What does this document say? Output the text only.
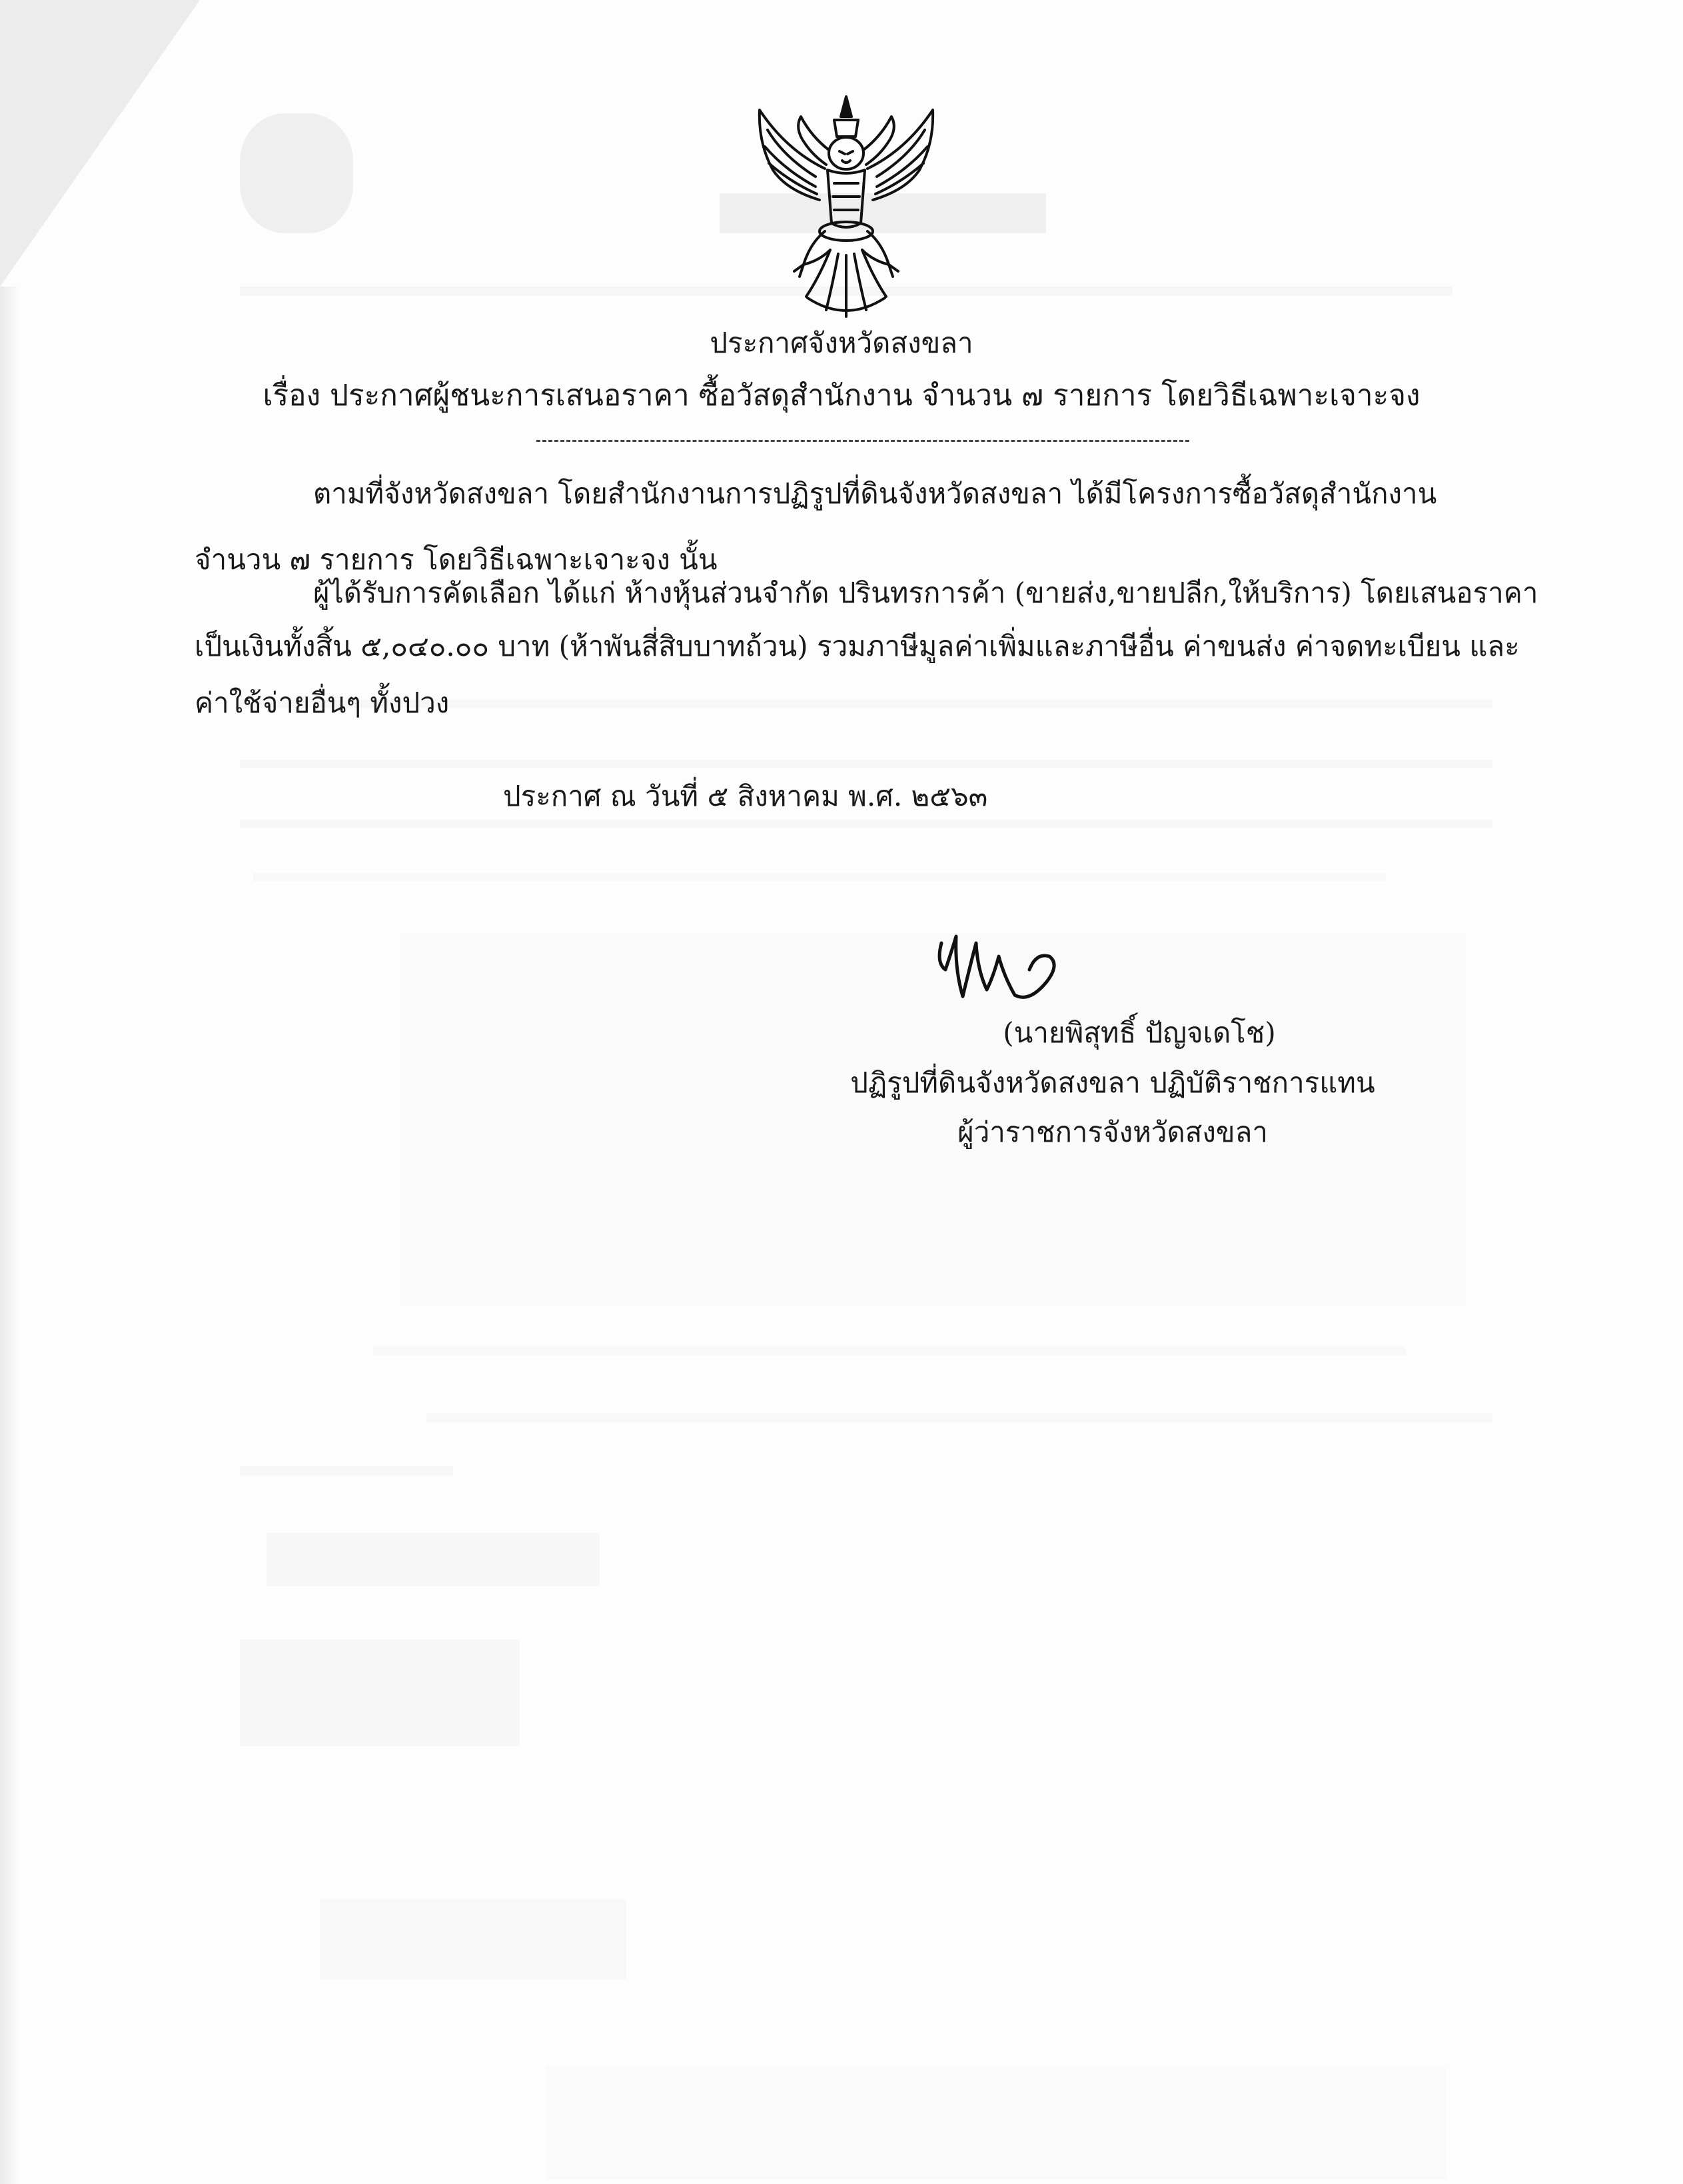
ประกาศจังหวัดสงขลา
เรื่อง ประกาศผู้ชนะการเสนอราคา ซื้อวัสดุสำนักงาน จำนวน ๗ รายการ โดยวิธีเฉพาะเจาะจง
ตามที่จังหวัดสงขลา โดยสำนักงานการปฏิรูปที่ดินจังหวัดสงขลา ได้มีโครงการซื้อวัสดุสำนักงาน
จำนวน ๗ รายการ โดยวิธีเฉพาะเจาะจง นั้น
ผู้ได้รับการคัดเลือก ได้แก่ ห้างหุ้นส่วนจำกัด ปรินทรการค้า (ขายส่ง,ขายปลีก,ให้บริการ) โดยเสนอราคา
เป็นเงินทั้งสิ้น ๕,๐๔๐.๐๐ บาท (ห้าพันสี่สิบบาทถ้วน) รวมภาษีมูลค่าเพิ่มและภาษีอื่น ค่าขนส่ง ค่าจดทะเบียน และ
ค่าใช้จ่ายอื่นๆ ทั้งปวง
ประกาศ ณ วันที่ ๕ สิงหาคม พ.ศ. ๒๕๖๓
(นายพิสุทธิ์ ปัญจเดโช)
ปฏิรูปที่ดินจังหวัดสงขลา ปฏิบัติราชการแทน
ผู้ว่าราชการจังหวัดสงขลา
